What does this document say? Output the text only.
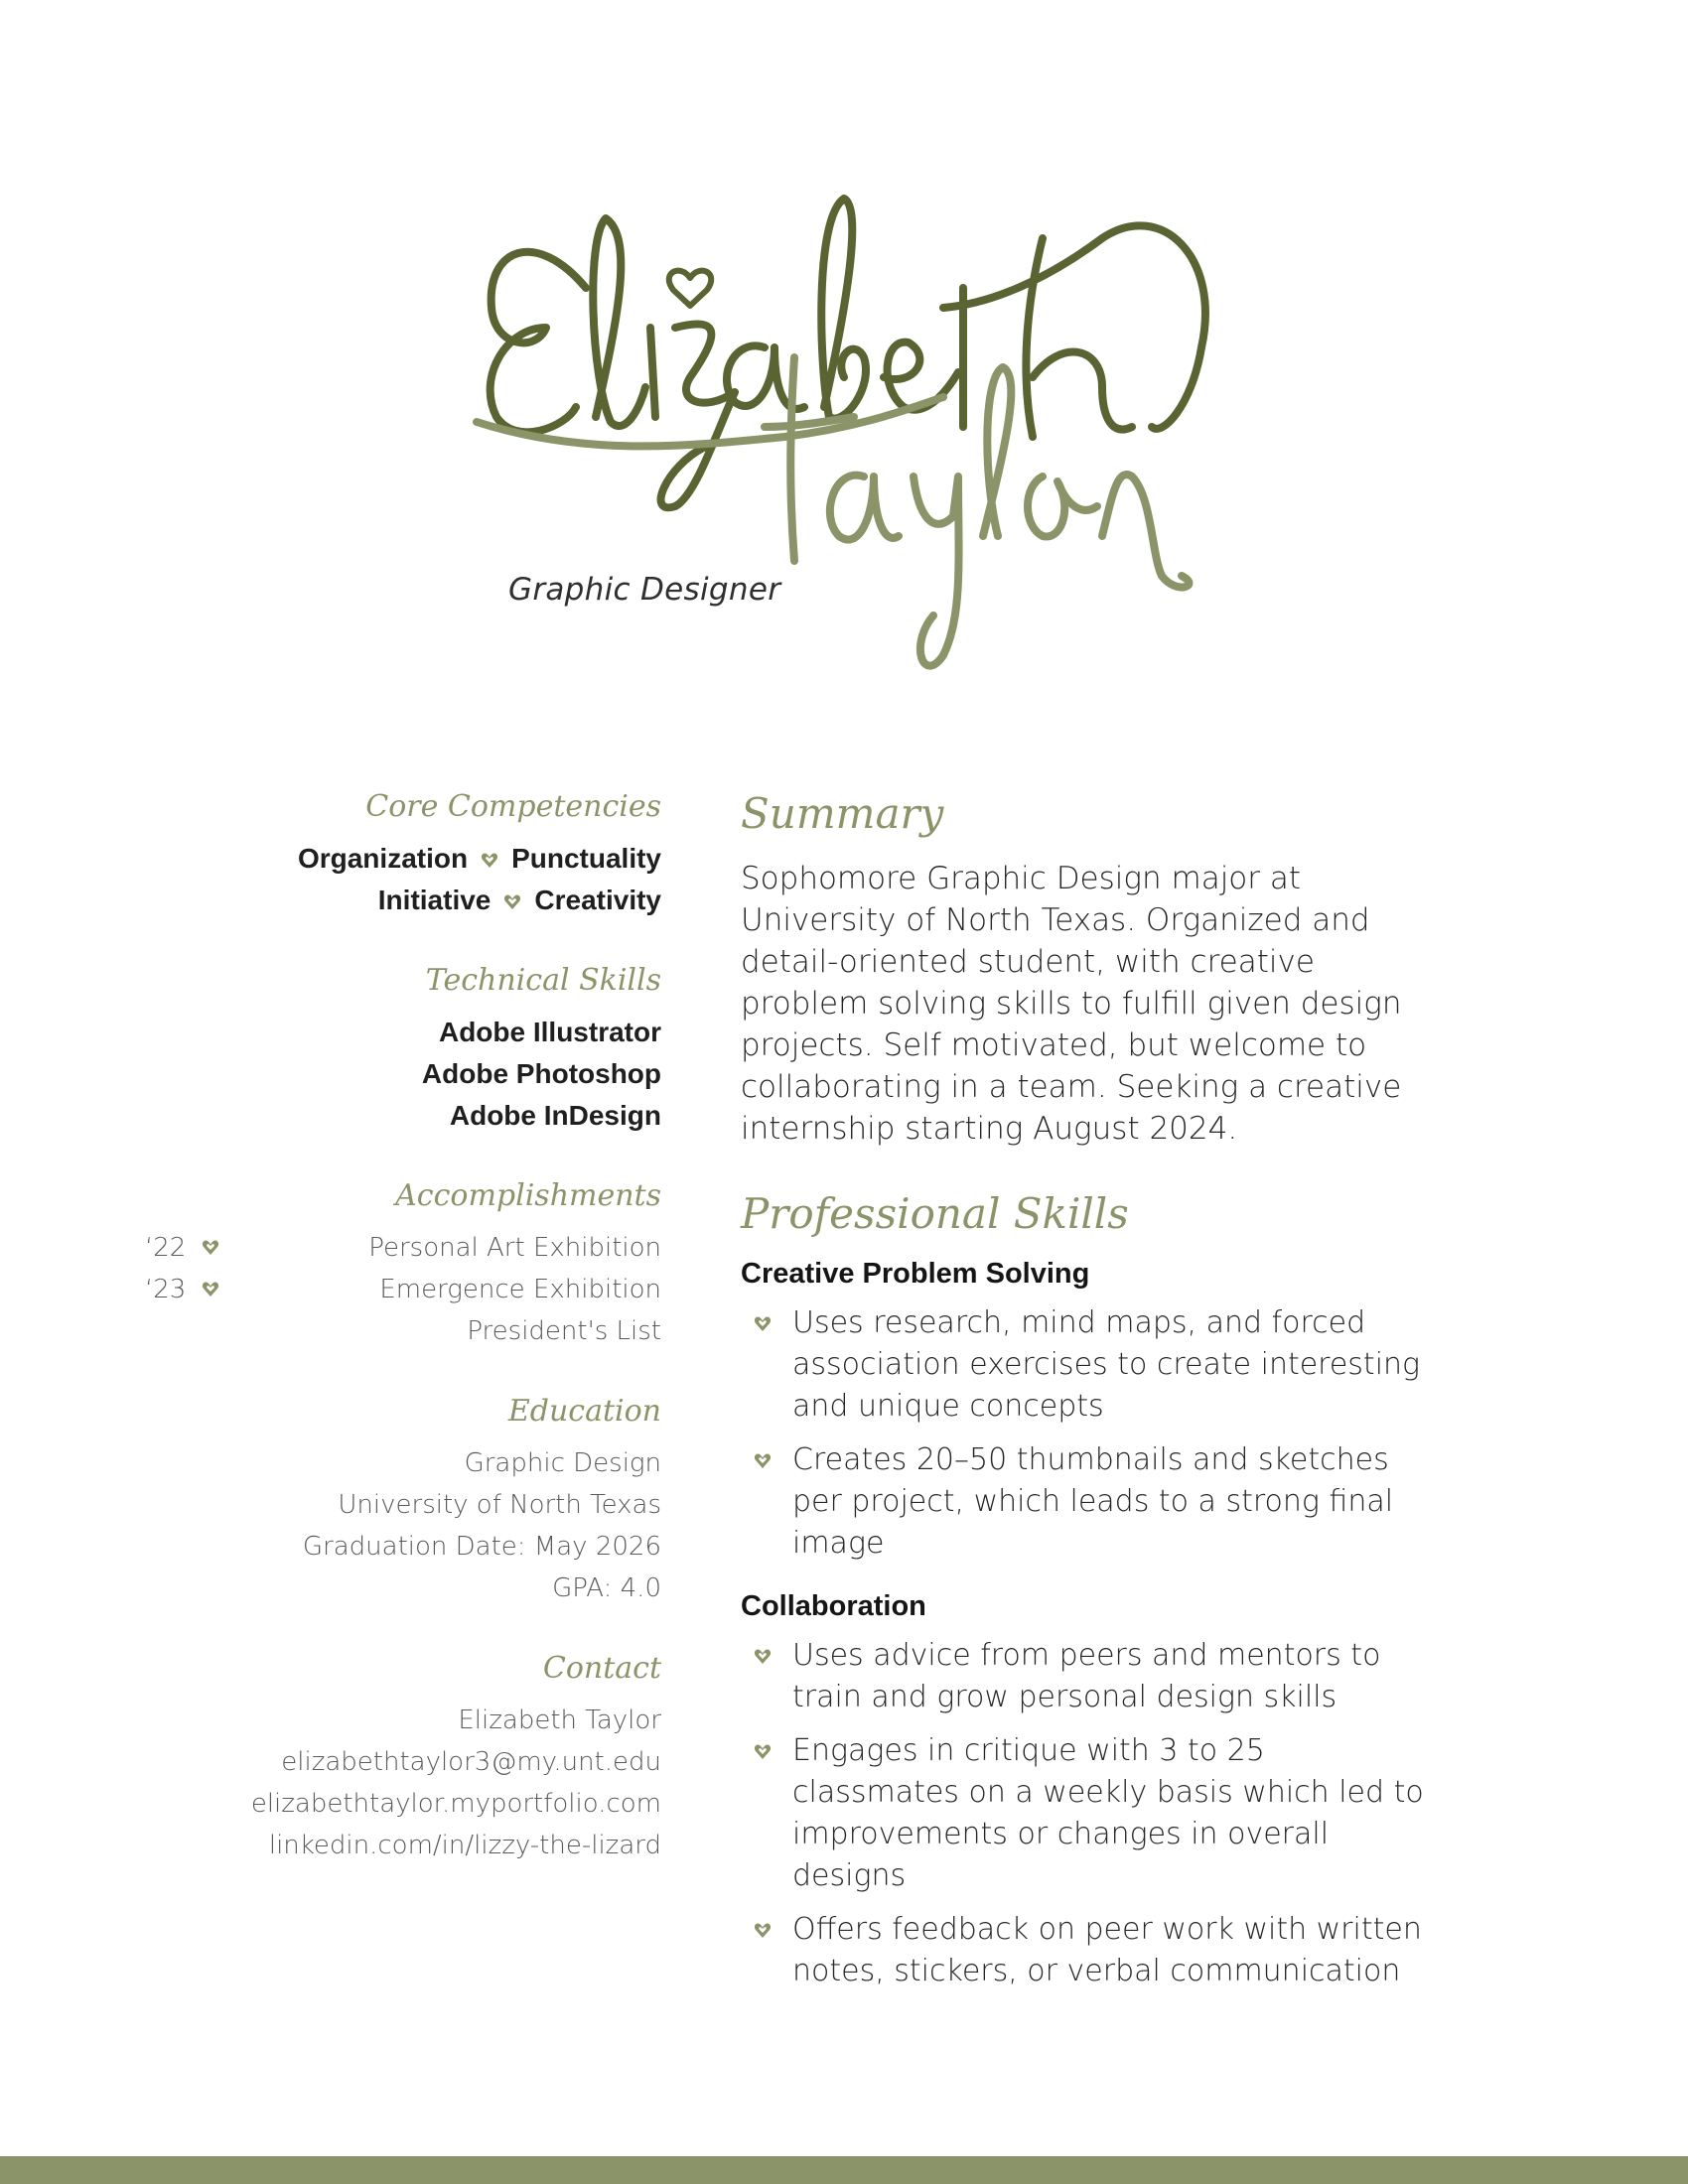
Graphic Designer
Core Competencies
Organization Punctuality
Initiative Creativity
Technical Skills
Adobe Illustrator
Adobe Photoshop
Adobe InDesign
Accomplishments
‘22	Personal Art Exhibition
‘23	Emergence Exhibition
President's List
Education
Graphic Design
University of North Texas
Graduation Date: May 2026
GPA: 4.0
Contact
Elizabeth Taylor
elizabethtaylor3@my.unt.edu
elizabethtaylor.myportfolio.com
linkedin.com/in/lizzy-the-lizard
Summary

Sophomore Graphic Design major at University of North Texas. Organized and detail-oriented student, with creative problem solving skills to fulfill given design projects. Self motivated, but welcome to collaborating in a team. Seeking a creative internship starting August 2024.

Professional Skills
Creative Problem Solving
Uses research, mind maps, and forced association exercises to create interesting and unique concepts
Creates 20–50 thumbnails and sketches per project, which leads to a strong final image
Collaboration
Uses advice from peers and mentors to train and grow personal design skills
Engages in critique with 3 to 25 classmates on a weekly basis which led to improvements or changes in overall designs
Offers feedback on peer work with written notes, stickers, or verbal communication
